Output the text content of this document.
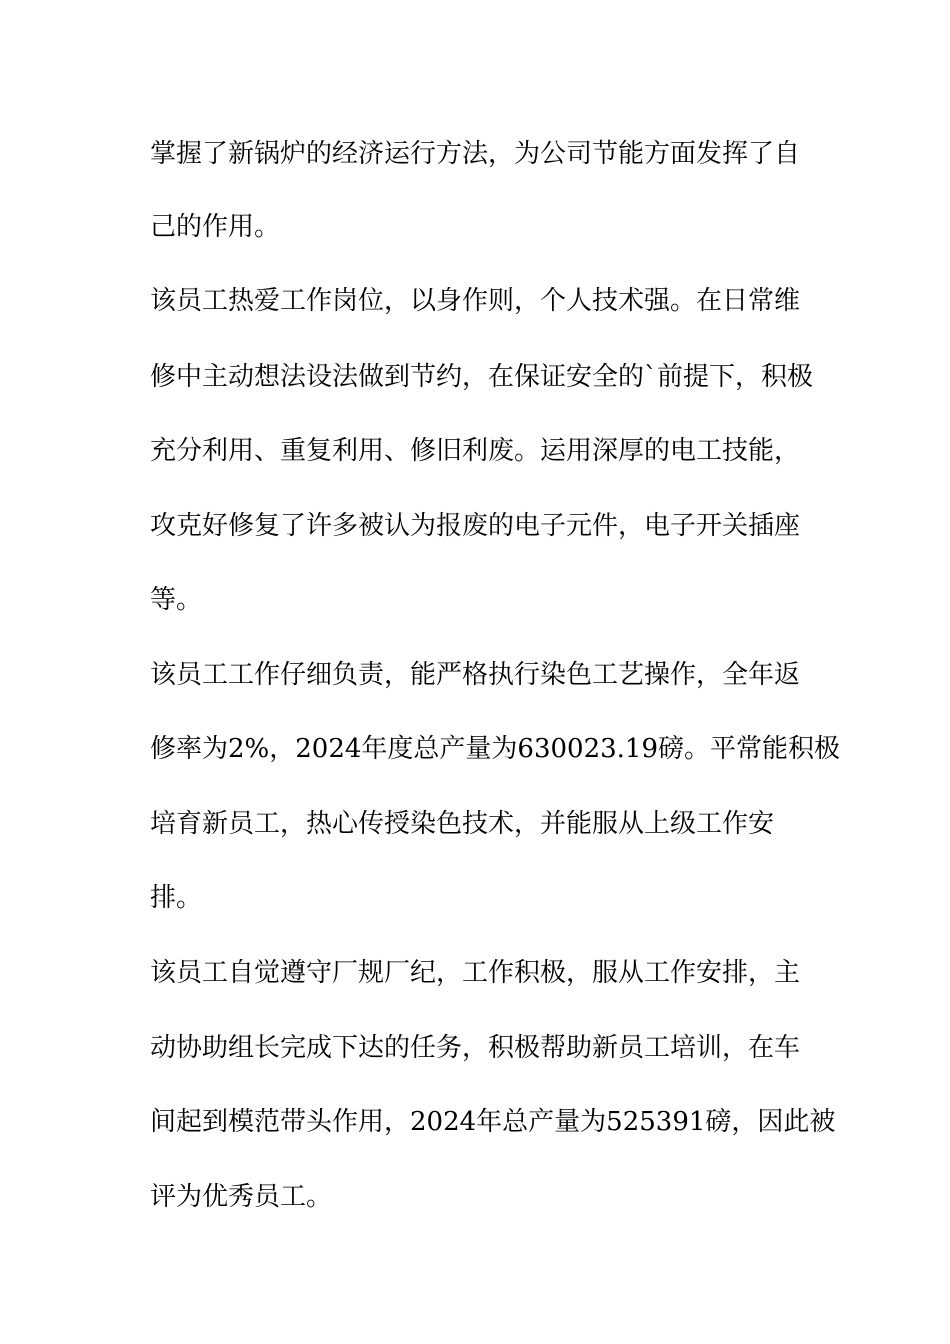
掌握了新锅炉的经济运行方法，为公司节能方面发挥了自
己的作用。
该员工热爱工作岗位，以身作则，个人技术强。在日常维
修中主动想法设法做到节约，在保证安全的`前提下，积极
充分利用、重复利用、修旧利废。运用深厚的电工技能，
攻克好修复了许多被认为报废的电子元件，电子开关插座
等。
该员工工作仔细负责，能严格执行染色工艺操作，全年返
修率为2%，2024年度总产量为630023.19磅。平常能积极
培育新员工，热心传授染色技术，并能服从上级工作安
排。
该员工自觉遵守厂规厂纪，工作积极，服从工作安排，主
动协助组长完成下达的任务，积极帮助新员工培训，在车
间起到模范带头作用，2024年总产量为525391磅，因此被
评为优秀员工。
